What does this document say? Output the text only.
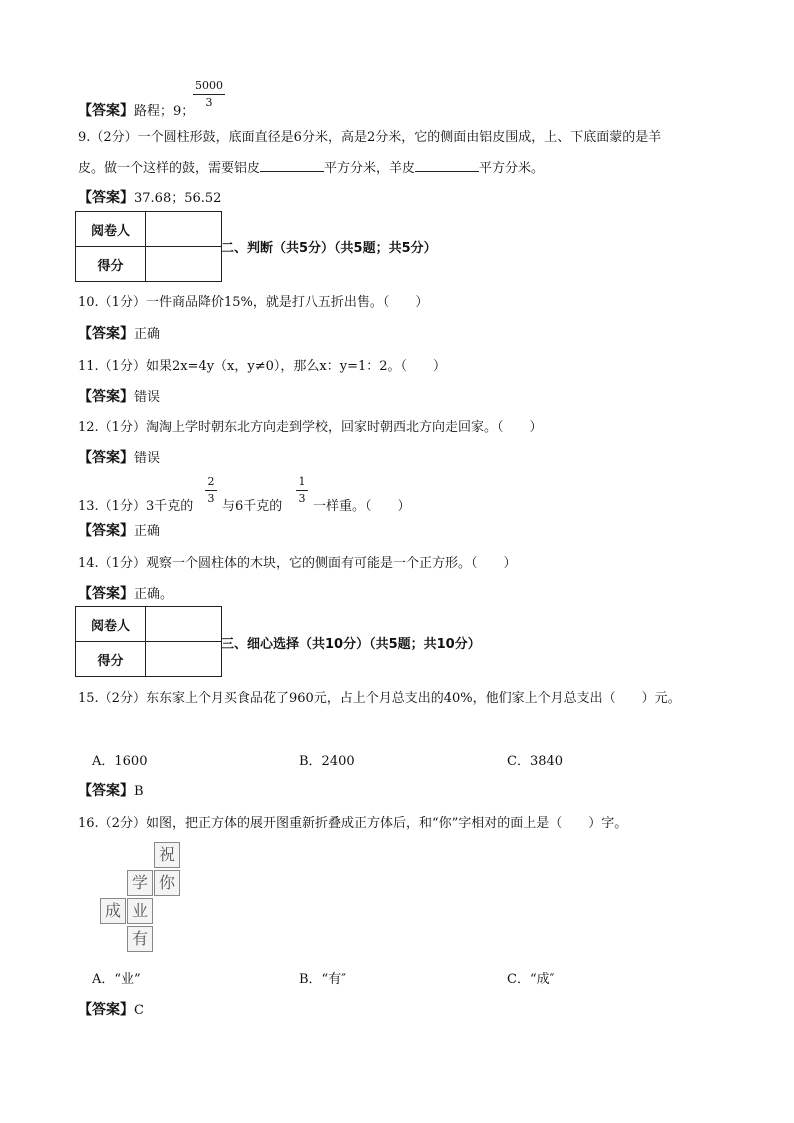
5000
3
【答案】路程；9；
9.（2分）一个圆柱形鼓，底面直径是6分米，高是2分米，它的侧面由铝皮围成，上、下底面蒙的是羊
皮。做一个这样的鼓，需要铝皮	平方分米，羊皮	平方分米。
【答案】37.68；56.52
阅卷人	
得分	
二、判断（共5分）（共5题；共5分）
10.（1分）一件商品降价15%，就是打八五折出售。（　　）
【答案】正确
11.（1分）如果2x=4y（x，y≠0），那么x：y=1：2。（　　）
【答案】错误
12.（1分）淘淘上学时朝东北方向走到学校，回家时朝西北方向走回家。（　　）
【答案】错误
13.（1分）3千克的
2
3
与6千克的
1
3
一样重。（　　）
【答案】正确
14.（1分）观察一个圆柱体的木块，它的侧面有可能是一个正方形。（　　）
【答案】正确。
阅卷人	
得分	
三、细心选择（共10分）（共5题；共10分）
15.（2分）东东家上个月买食品花了960元，占上个月总支出的40%，他们家上个月总支出（　　）元。
A．1600	B．2400	C．3840
【答案】B
16.（2分）如图，把正方体的展开图重新折叠成正方体后，和“你”字相对的面上是（　　）字。
祝
学 你
成 业
有
A．“业”	B．“有″	C．“成″
【答案】C
